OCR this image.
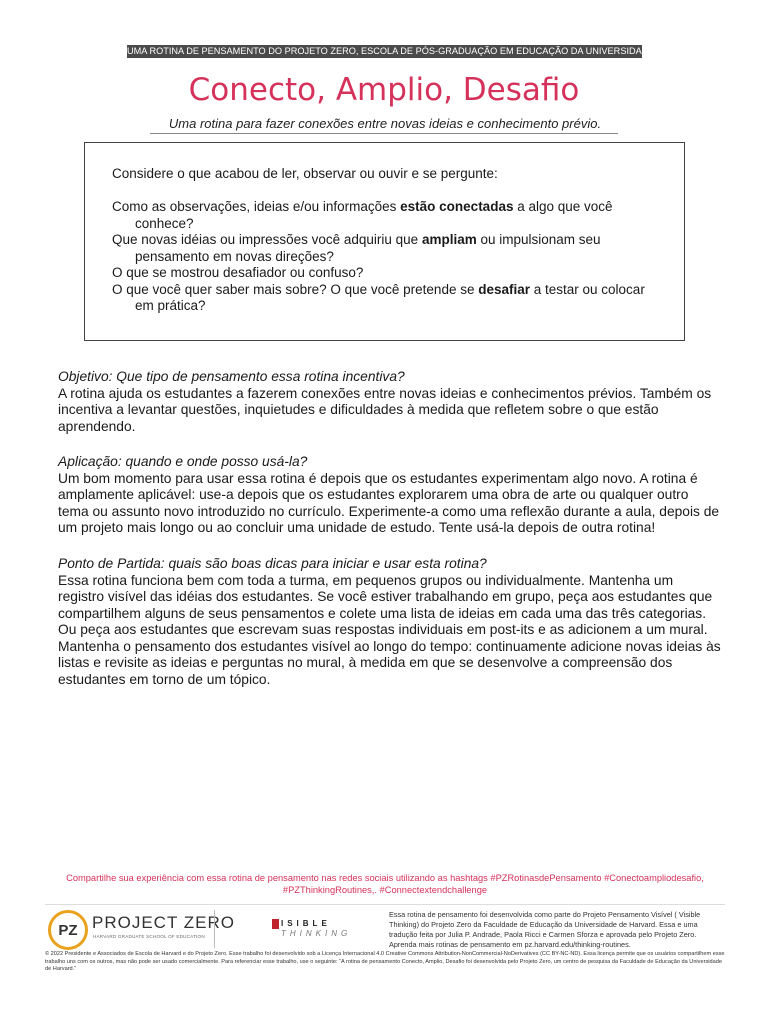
UMA ROTINA DE PENSAMENTO DO PROJETO ZERO, ESCOLA DE PÓS-GRADUAÇÃO EM EDUCAÇÃO DA UNIVERSIDADE DE HARVARD
Conecto, Amplio, Desafio
Uma rotina para fazer conexões entre novas ideias e conhecimento prévio.

Considere o que acabou de ler, observar ou ouvir e se pergunte:

Como as observações, ideias e/ou informações estão conectadas a algo que você conhece?

Que novas idéias ou impressões você adquiriu que ampliam ou impulsionam seu pensamento em novas direções?

O que se mostrou desafiador ou confuso?

O que você quer saber mais sobre? O que você pretende se desafiar a testar ou colocar em prática?

Objetivo: Que tipo de pensamento essa rotina incentiva?
A rotina ajuda os estudantes a fazerem conexões entre novas ideias e conhecimentos prévios. Também os incentiva a levantar questões, inquietudes e dificuldades à medida que refletem sobre o que estão aprendendo.
Aplicação: quando e onde posso usá-la?
Um bom momento para usar essa rotina é depois que os estudantes experimentam algo novo. A rotina é amplamente aplicável: use-a depois que os estudantes explorarem uma obra de arte ou qualquer outro tema ou assunto novo introduzido no currículo. Experimente-a como uma reflexão durante a aula, depois de um projeto mais longo ou ao concluir uma unidade de estudo. Tente usá-la depois de outra rotina!
Ponto de Partida: quais são boas dicas para iniciar e usar esta rotina?
Essa rotina funciona bem com toda a turma, em pequenos grupos ou individualmente. Mantenha um registro visível das idéias dos estudantes. Se você estiver trabalhando em grupo, peça aos estudantes que compartilhem alguns de seus pensamentos e colete uma lista de ideias em cada uma das três categorias. Ou peça aos estudantes que escrevam suas respostas individuais em post-its e as adicionem a um mural. Mantenha o pensamento dos estudantes visível ao longo do tempo: continuamente adicione novas ideias às listas e revisite as ideias e perguntas no mural, à medida em que se desenvolve a compreensão dos estudantes em torno de um tópico.
Compartilhe sua experiência com essa rotina de pensamento nas redes sociais utilizando as hashtags #PZRotinasdePensamento #Conectoampliodesafio,
#PZThinkingRoutines,. #Connectextendchallenge
PZ PROJECT ZERO
HARVARD GRADUATE SCHOOL OF EDUCATION
ISIBLE
THINKING
Essa rotina de pensamento foi desenvolvida como parte do Projeto Pensamento Visível ( Visible Thinking) do Projeto Zero da Faculdade de Educação da Universidade de Harvard. Essa e uma tradução feita por Julia P. Andrade, Paola Ricci e Carmen Sforza e aprovada pelo Projeto Zero. Aprenda mais rotinas de pensamento em pz.harvard.edu/thinking-routines.
© 2022 Presidente e Associados de Escola de Harvard e do Projeto Zero. Esse trabalho foi desenvolvido sob a Licença Internacional 4.0 Creative Commons Attribution-NonCommercial-NoDerivatives (CC BY-NC-ND). Essa licença permite que os usuários compartilhem esse trabalho uns com os outros, mas não pode ser usado comercialmente. Para referenciar esse trabalho, use o seguinte: “A rotina de pensamento Conecto, Amplio, Desafio foi desenvolvida pelo Projeto Zero, um centro de pesquisa da Faculdade de Educação da Universidade de Harvard.”
